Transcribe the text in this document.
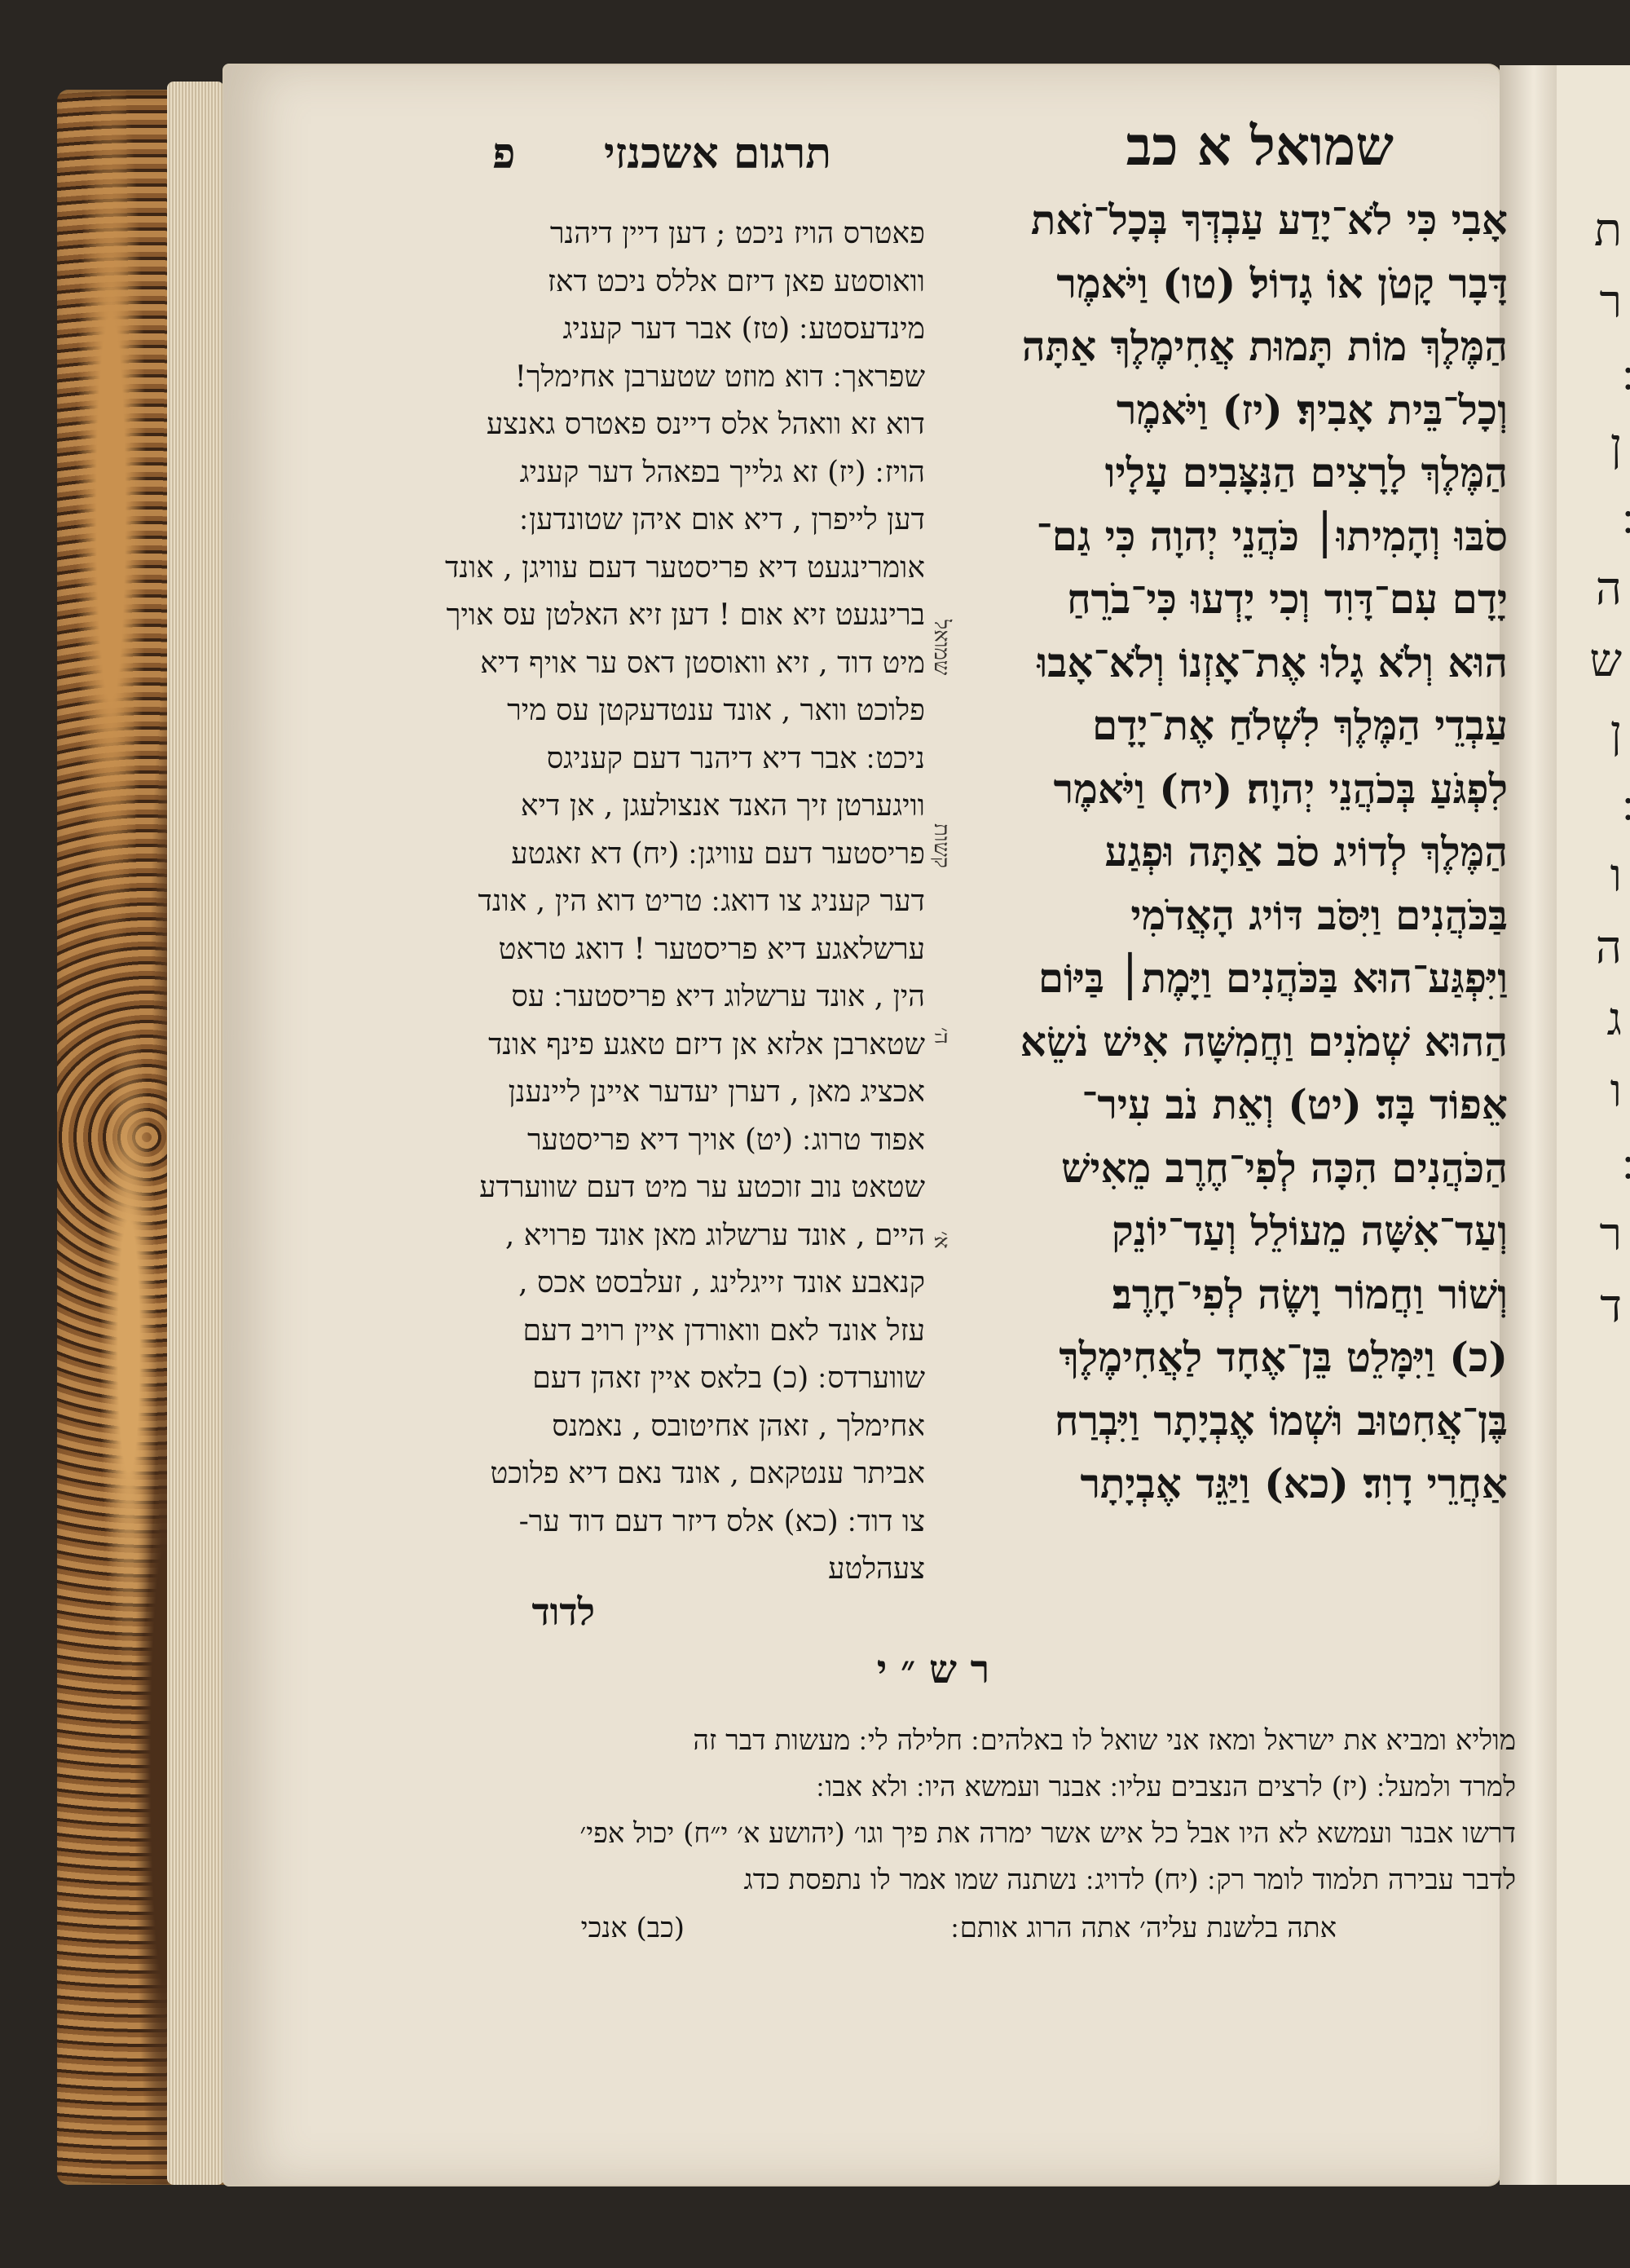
ת
ר
ן
ה
ש
ן
ו
ה
ג
ו
ר
ד
שמואל א כב
תרגום אשכנזי      פ
אָבִי כִּי לֹא־יָדַע עַבְדְּךָ בְּכָל־זֹאת
דָּבָר קָטֹן אוֹ גָדוֹל׃ (טו) וַיֹּאמֶר
הַמֶּלֶךְ מוֹת תָּמוּת אֲחִימֶלֶךְ אַתָּה
וְכָל־בֵּית אָבִיךָ׃ (יז) וַיֹּאמֶר
הַמֶּלֶךְ לָרָצִים הַנִּצָּבִים עָלָיו
סֹבּוּ וְהָמִיתוּ׀ כֹּהֲנֵי יְהוָה כִּי גַם־
יָדָם עִם־דָּוִד וְכִי יָדְעוּ כִּי־בֹרֵחַ
הוּא וְלֹא גָלוּ אֶת־אָזְנוֹ וְלֹא־אָבוּ
עַבְדֵי הַמֶּלֶךְ לִשְׁלֹחַ אֶת־יָדָם
לִפְגֹּעַ בְּכֹהֲנֵי יְהוָה׃ (יח) וַיֹּאמֶר
הַמֶּלֶךְ לְדוֹיג סֹב אַתָּה וּפְגַע
בַּכֹּהֲנִים וַיִּסֹּב דּוֹיג הָאֲדֹמִי
וַיִּפְגַּע־הוּא בַּכֹּהֲנִים וַיָּמֶת׀ בַּיּוֹם
הַהוּא שְׁמֹנִים וַחֲמִשָּׁה אִישׁ נֹשֵׂא
אֵפוֹד בָּד׃ (יט) וְאֵת נֹב עִיר־
הַכֹּהֲנִים הִכָּה לְפִי־חֶרֶב מֵאִישׁ
וְעַד־אִשָּׁה מֵעוֹלֵל וְעַד־יוֹנֵק
וְשׁוֹר וַחֲמוֹר וָשֶׂה לְפִי־חָרֶב׃
(כ) וַיִּמָּלֵט בֵּן־אֶחָד לַאֲחִימֶלֶךְ
בֶּן־אֲחִטוּב וּשְׁמוֹ אֶבְיָתָר וַיִּבְרַח
אַחֲרֵי דָוִד׃ (כא) וַיַּגֵּד אֶבְיָתָר
פאטרס הויז ניכט ; דען דיין דיהנר
וואוסטע פאן דיזם אללס ניכט דאז
מינדעסטע ׃ (טז) אבר דער קעניג
שפראך ׃ דוא מוזט שטערבן אחימלך!
דוא זא וואהל אלס דיינס פאטרס גאנצע
הויז ׃ (יז) זא גלייך בפאהל דער קעניג
דען לייפרן , דיא אום איהן שטונדען ׃
אומרינגעט דיא פריסטער דעם עוויגן , אונד
ברינגעט זיא אום ! דען זיא האלטן עס אויך
מיט דוד , זיא וואוסטן דאס ער אויף דיא
פלוכט וואר , אונד ענטדעקטן עס מיר
ניכט ׃ אבר דיא דיהנר דעם קעניגס
וויגערטן זיך האנד אנצולעגן , אן דיא
פריסטער דעם עוויגן ׃ (יח) דא זאגטע
דער קעניג צו דואג ׃ טריט דוא הין , אונד
ערשלאגע דיא פריסטער ! דואג טראט
הין , אונד ערשלוג דיא פריסטער ׃ עס
שטארבן אלזא אן דיזם טאגע פינף אונד
אכציג מאן , דערן יעדער איינן ליינענן
אפוד טרוג ׃ (יט) אויך דיא פריסטער
שטאט נוב זוכטע ער מיט דעם שווערדע
היים , אונד ערשלוג מאן אונד פרויא ,
קנאבע אונד זייגלינג , זעלבסט אכס ,
עזל אונד לאם וואורדן איין רויב דעם
שווערדס ׃ (כ) בלאס איין זאהן דעם
אחימלך , זאהן אחיטובס , נאמנס
אביתר ענטקאם , אונד נאם דיא פלוכט
צו דוד ׃ (כא) אלס דיזר דעם דוד ער-
צעהלטע
לדוד
ר ש ״ י
מוליא ומביא את ישראל ומאז אני שואל לו באלהים ׃ חלילה לי ׃ מעשות דבר זה
למרד ולמעל ׃ (יז) לרצים הנצבים עליו ׃ אבנר ועמשא היו ׃ ולא אבו ׃
דרשו אבנר ועמשא לא היו אבל כל איש אשר ימרה את פיך וגו׳ (יהושע א׳ י״ח) יכול אפי׳
לדבר עבירה תלמוד לומר רק ׃ (יח) לדויג ׃ נשתנה שמו אמר לו נתפסת כדג
(כב) אנכי	אתה בלשנת עליה׳ אתה הרוג אותם ׃
שמואל
קשות
ה׳
א׳
